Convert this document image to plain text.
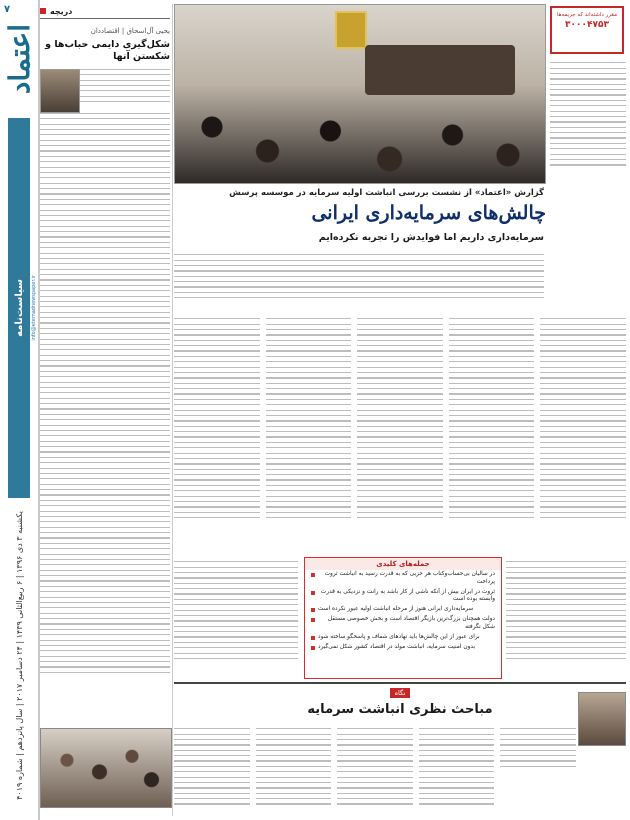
۷
اعتماد
سیاست‌نامه info@etemadnewspaper.ir
یکشنبه ۳ دی ۱۳۹۶ | ۶ ربیع‌الثانی ۱۴۳۹ | ۲۴ دسامبر ۲۰۱۷ | سال پانزدهم | شماره ۴۰۱۹
دریچه
یحیی آل‌اسحاق | اقتصاددان
شکل‌گیری دایمی حباب‌ها و شکستن آنها
مقرر داشته‌اند که جریمه‌ها
۳۰۰۰۴۷۵۳
گزارش «اعتماد» از نشست بررسی انباشت اولیه سرمایه در موسسه پرسش
چالش‌های سرمایه‌داری ایرانی
سرمایه‌داری داریم اما فوایدش را تجربه نکرده‌ایم
جمله‌های کلیدی
در سالیان بی‌حساب‌وکتاب هر حزبی که به قدرت رسید به انباشت ثروت پرداخت
ثروت در ایران بیش از آنکه ناشی از کار باشد به رانت و نزدیکی به قدرت وابسته بوده است
سرمایه‌داری ایرانی هنوز از مرحله انباشت اولیه عبور نکرده است
دولت همچنان بزرگ‌ترین بازیگر اقتصاد است و بخش خصوصی مستقل شکل نگرفته
برای عبور از این چالش‌ها باید نهادهای شفاف و پاسخگو ساخته شود
بدون امنیت سرمایه، انباشت مولد در اقتصاد کشور شکل نمی‌گیرد
نگاه
مباحث نظری انباشت سرمایه
